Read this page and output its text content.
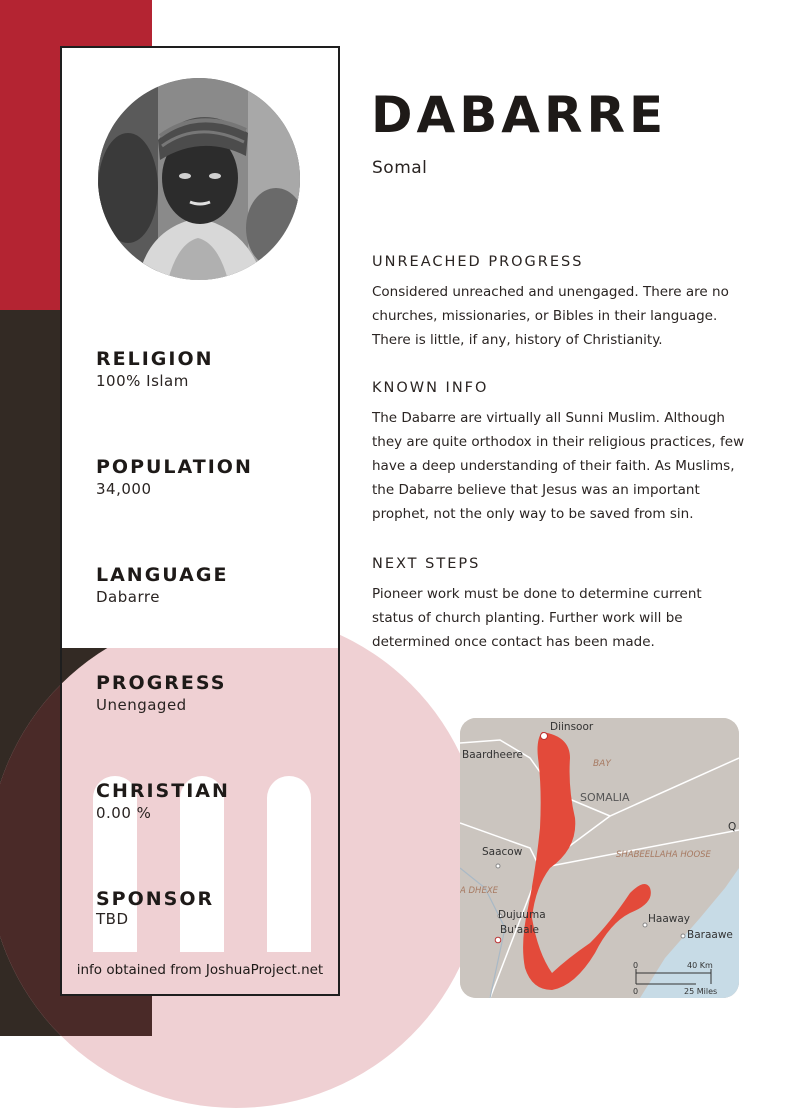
RELIGION
100% Islam
POPULATION
34,000
LANGUAGE
Dabarre
PROGRESS
Unengaged
CHRISTIAN
0.00 %
SPONSOR
TBD
info obtained from JoshuaProject.net
DABARRE
Somal
UNREACHED PROGRESS
Considered unreached and unengaged. There are no churches, missionaries, or Bibles in their language. There is little, if any, history of Christianity.
KNOWN INFO
The Dabarre are virtually all Sunni Muslim. Although they are quite orthodox in their religious practices, few have a deep understanding of their faith. As Muslims, the Dabarre believe that Jesus was an important prophet, not the only way to be saved from sin.
NEXT STEPS
Pioneer work must be done to determine current status of church planting. Further work will be determined once contact has been made.
Diinsoor
Baardheere
BAY
SOMALIA
SHABEELLAHA HOOSE
Saacow
A DHEXE
Dujuuma
Bu'aale
Haaway
Baraawe
Q
0	40 Km
0	25 Miles
